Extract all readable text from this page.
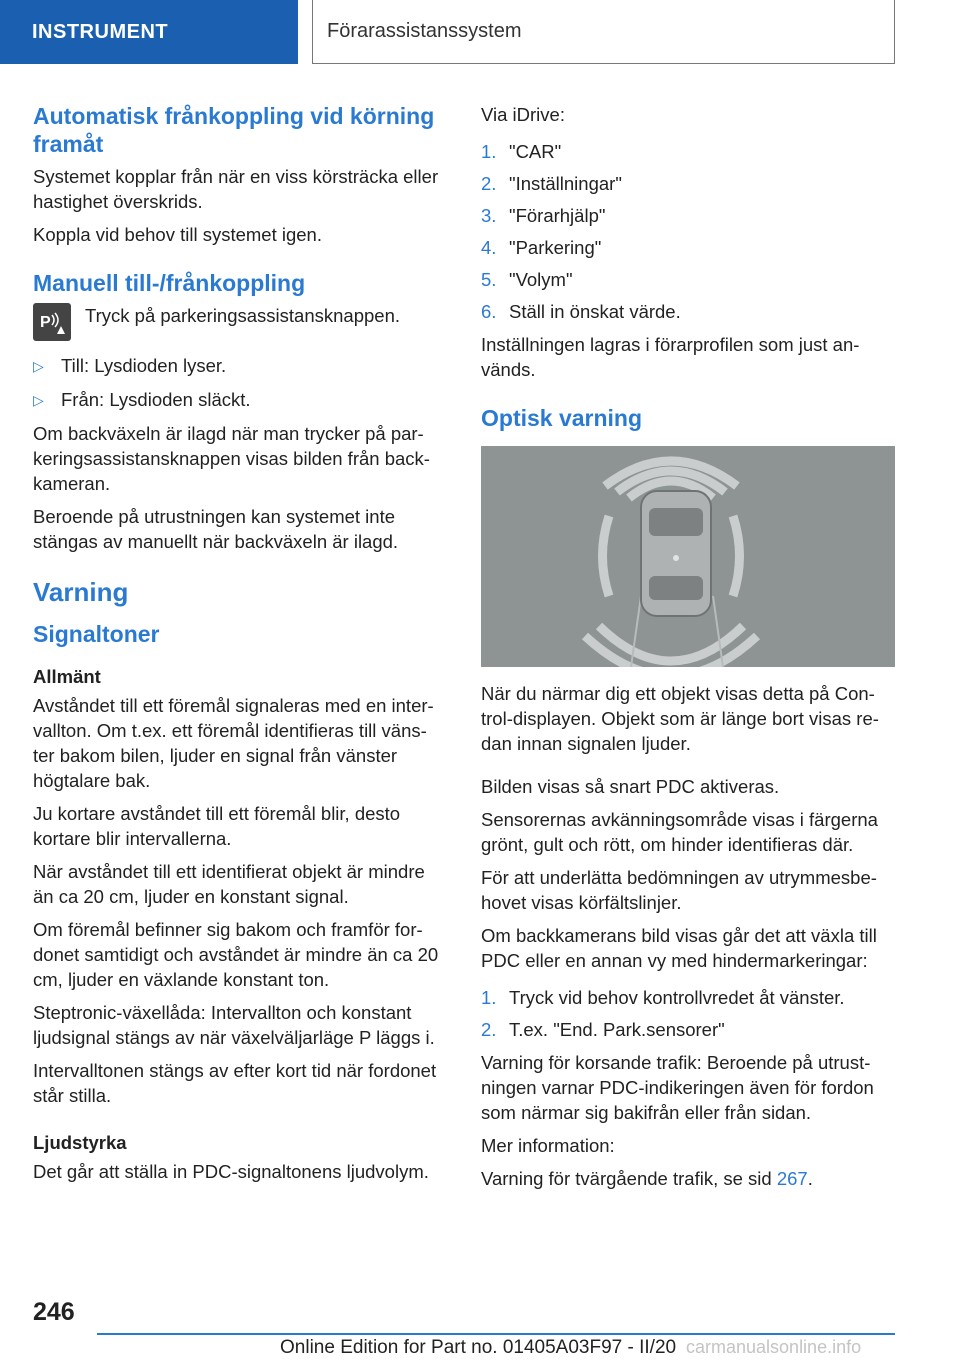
INSTRUMENT	Förarassistanssystem
Automatisk frånkoppling vid körning framåt

Systemet kopplar från när en viss körsträcka eller hastighet överskrids.

Koppla vid behov till systemet igen.

Manuell till-/frånkoppling
P Tryck på parkeringsassistansknappen.

▷ Till: Lysdioden lyser.
▷ Från: Lysdioden släckt.

Om backväxeln är ilagd när man trycker på par-keringsassistansknappen visas bilden från back-kameran.

Beroende på utrustningen kan systemet inte stängas av manuellt när backväxeln är ilagd.

Varning
Signaltoner
Allmänt

Avståndet till ett föremål signaleras med en inter-vallton. Om t.ex. ett föremål identifieras till väns-ter bakom bilen, ljuder en signal från vänster högtalare bak.

Ju kortare avståndet till ett föremål blir, desto kortare blir intervallerna.

När avståndet till ett identifierat objekt är mindre än ca 20 cm, ljuder en konstant signal.

Om föremål befinner sig bakom och framför for-donet samtidigt och avståndet är mindre än ca 20 cm, ljuder en växlande konstant ton.

Steptronic-växellåda: Intervallton och konstant ljudsignal stängs av när växelväljarläge P läggs i.

Intervalltonen stängs av efter kort tid när fordonet står stilla.

Ljudstyrka

Det går att ställa in PDC-signaltonens ljudvolym.

Via iDrive:

1. "CAR"
2. "Inställningar"
3. "Förarhjälp"
4. "Parkering"
5. "Volym"
6. Ställ in önskat värde.

Inställningen lagras i förarprofilen som just an-vänds.

Optisk varning

När du närmar dig ett objekt visas detta på Con-trol-displayen. Objekt som är länge bort visas re-dan innan signalen ljuder.

Bilden visas så snart PDC aktiveras.

Sensorernas avkänningsområde visas i färgerna grönt, gult och rött, om hinder identifieras där.

För att underlätta bedömningen av utrymmesbe-hovet visas körfältslinjer.

Om backkamerans bild visas går det att växla till PDC eller en annan vy med hindermarkeringar:

1. Tryck vid behov kontrollvredet åt vänster.
2. T.ex. "End. Park.sensorer"

Varning för korsande trafik: Beroende på utrust-ningen varnar PDC-indikeringen även för fordon som närmar sig bakifrån eller från sidan.

Mer information:

Varning för tvärgående trafik, se sid 267.

246
Online Edition for Part no. 01405A03F97 - II/20 carmanualsonline.info
